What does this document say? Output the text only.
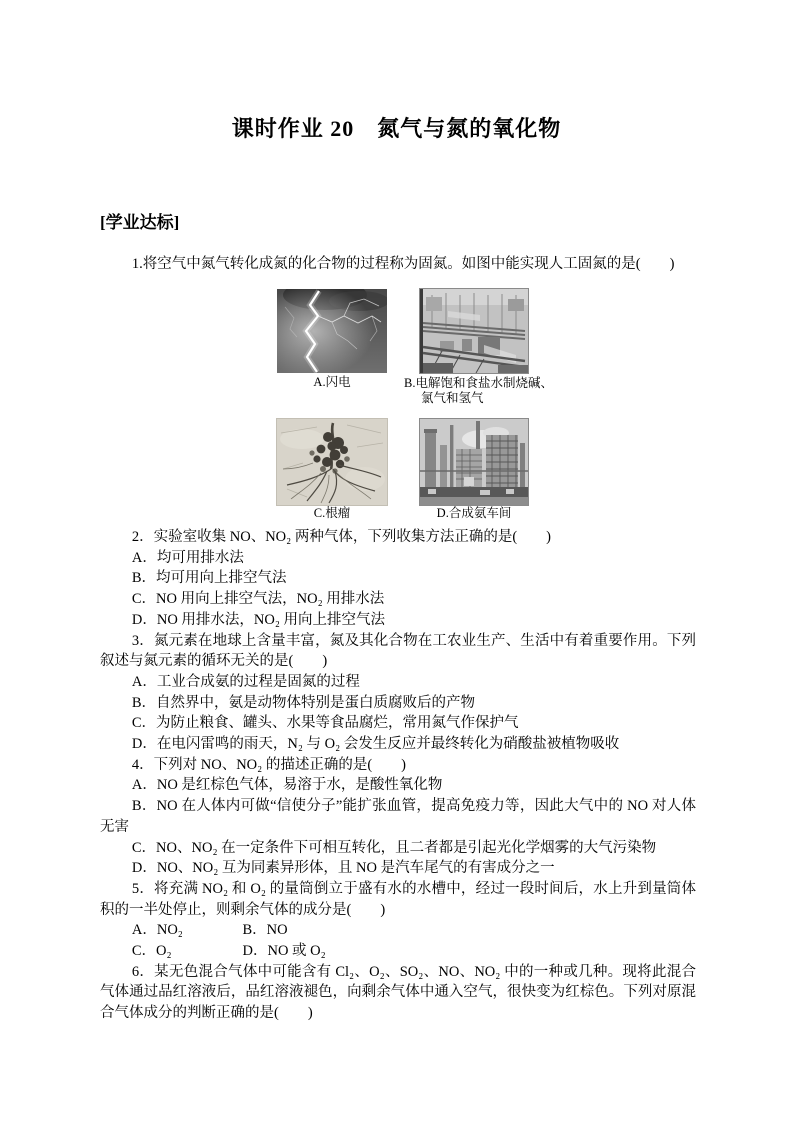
课时作业 20　氮气与氮的氧化物
[学业达标]

1.将空气中氮气转化成氮的化合物的过程称为固氮。如图中能实现人工固氮的是(　　)

A.闪电	B.电解饱和食盐水制烧碱、
氯气和氢气
C.根瘤	D.合成氨车间

2．实验室收集 NO、NO₂ 两种气体，下列收集方法正确的是(　　)

A．均可用排水法

B．均可用向上排空气法

C．NO 用向上排空气法，NO₂ 用排水法

D．NO 用排水法，NO₂ 用向上排空气法

3．氮元素在地球上含量丰富，氮及其化合物在工农业生产、生活中有着重要作用。下列叙述与氮元素的循环无关的是(　　)

A．工业合成氨的过程是固氮的过程

B．自然界中，氨是动物体特别是蛋白质腐败后的产物

C．为防止粮食、罐头、水果等食品腐烂，常用氮气作保护气

D．在电闪雷鸣的雨天，N₂ 与 O₂ 会发生反应并最终转化为硝酸盐被植物吸收

4．下列对 NO、NO₂ 的描述正确的是(　　)

A．NO 是红棕色气体，易溶于水，是酸性氧化物

B．NO 在人体内可做“信使分子”能扩张血管，提高免疫力等，因此大气中的 NO 对人体无害

C．NO、NO₂ 在一定条件下可相互转化，且二者都是引起光化学烟雾的大气污染物

D．NO、NO₂ 互为同素异形体，且 NO 是汽车尾气的有害成分之一

5．将充满 NO₂ 和 O₂ 的量筒倒立于盛有水的水槽中，经过一段时间后，水上升到量筒体积的一半处停止，则剩余气体的成分是(　　)

A．NO₂	B．NO

C．O₂	D．NO 或 O₂

6．某无色混合气体中可能含有 Cl₂、O₂、SO₂、NO、NO₂ 中的一种或几种。现将此混合气体通过品红溶液后，品红溶液褪色，向剩余气体中通入空气，很快变为红棕色。下列对原混合气体成分的判断正确的是(　　)
